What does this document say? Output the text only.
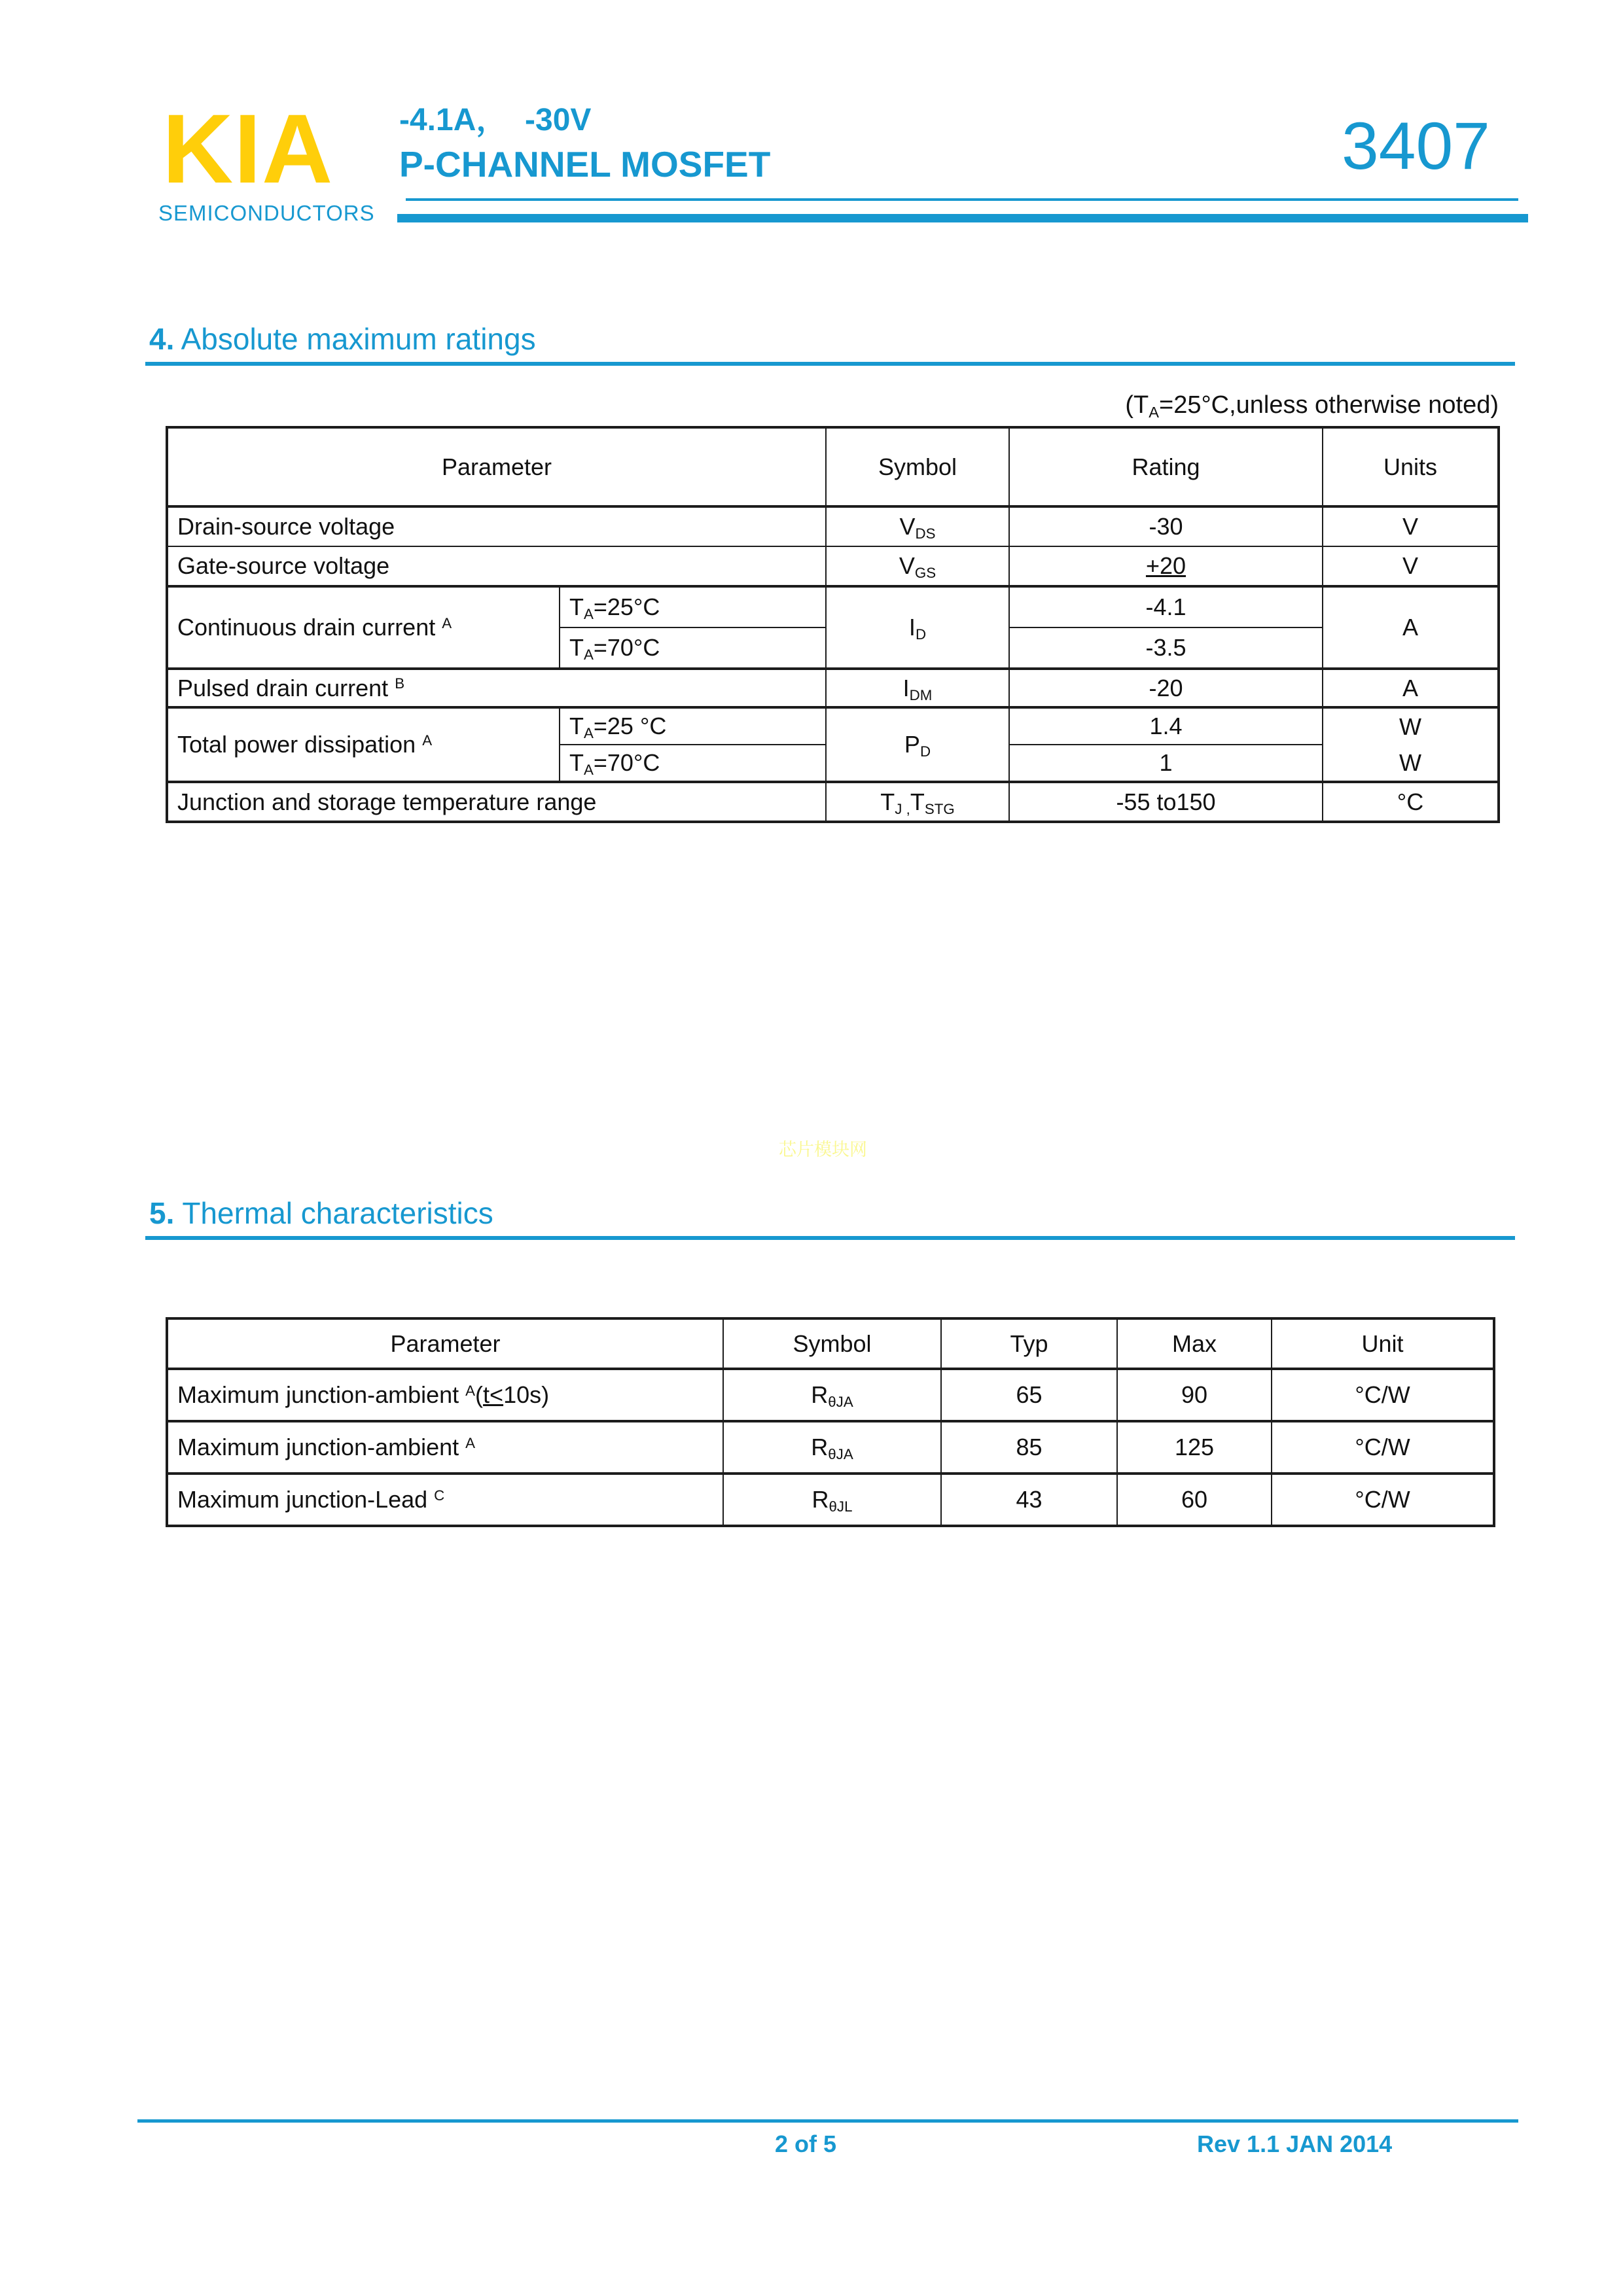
KIA
SEMICONDUCTORS
-4.1A，  -30V
P-CHANNEL MOSFET	3407
4. Absolute maximum ratings
($T_A=25^\circ C,unless$ otherwise noted)
Parameter		Symbol	Rating	Units
Drain-source voltage		$V_{DS}$	-30	V
Gate-source voltage		$V_{GS}$	+20	V
Continuous drain current $^A$	$T_A=25^\circ C$	$I_D$	-4.1	A
	$T_A=70^\circ C$		-3.5	
Pulsed drain current $^B$		$I_{DM}$	-20	A
Total power dissipation $^A$	$T_A=25$ °C	$P_D$	1.4	W
	$T_A=70^\circ C$		1	W
Junction and storage temperature range		$T_{J ,}T_{STG}$	-55 to150	°C
芯片模块网
5. Thermal characteristics
Parameter	Symbol	Typ	Max	Unit
Maximum junction-ambient $^A$(t<10s)	$R_{\theta JA}$	65	90	°C/W
Maximum junction-ambient $^A$	$R_{\theta JA}$	85	125	°C/W
Maximum junction-Lead $^C$	$R_{\theta JL}$	43	60	°C/W
2 of 5	Rev 1.1 JAN 2014
